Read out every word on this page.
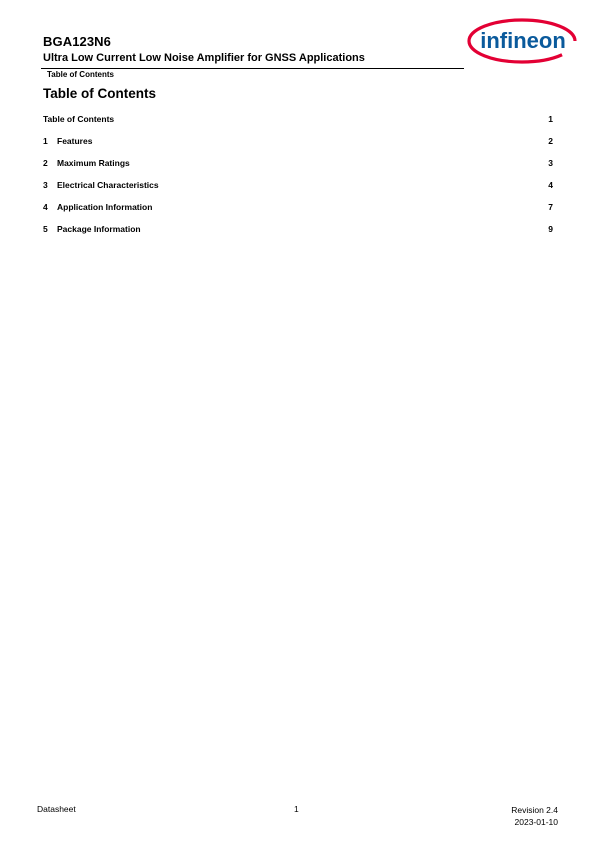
BGA123N6
Ultra Low Current Low Noise Amplifier for GNSS Applications
Table of Contents
infineon
Table of Contents
Table of Contents	1
1	Features	2
2	Maximum Ratings	3
3	Electrical Characteristics	4
4	Application Information	7
5	Package Information	9
Datasheet	1	Revision 2.4
2023-01-10
